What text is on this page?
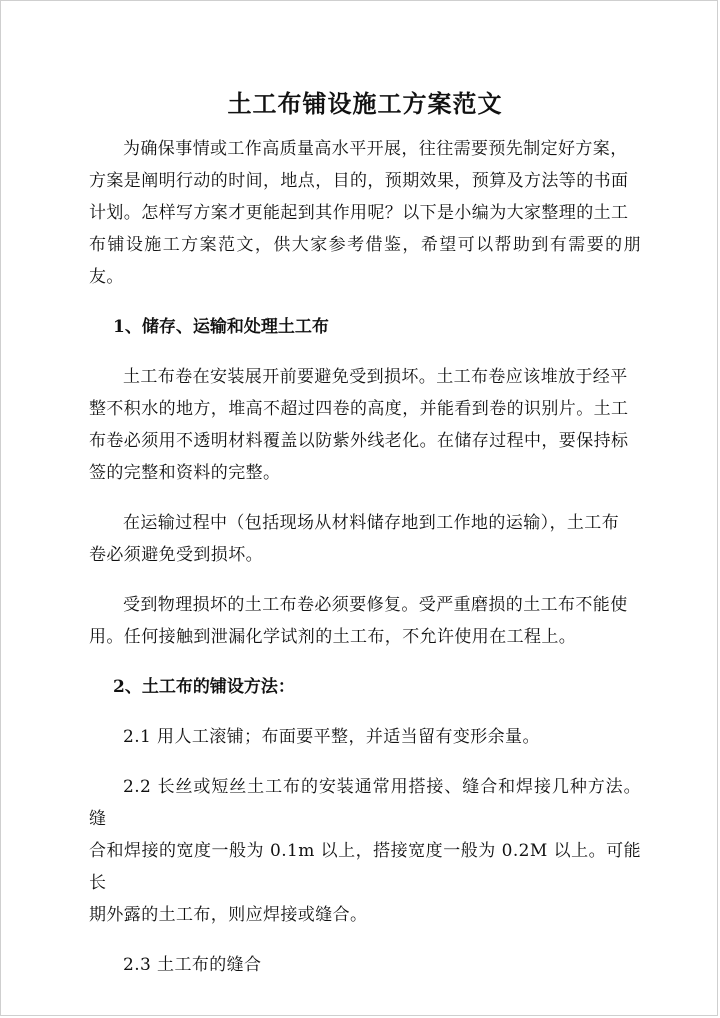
土工布铺设施工方案范文

为确保事情或工作高质量高水平开展，往往需要预先制定好方案，
方案是阐明行动的时间，地点，目的，预期效果，预算及方法等的书面
计划。怎样写方案才更能起到其作用呢？以下是小编为大家整理的土工
布铺设施工方案范文，供大家参考借鉴，希望可以帮助到有需要的朋友。

1、储存、运输和处理土工布

土工布卷在安装展开前要避免受到损坏。土工布卷应该堆放于经平
整不积水的地方，堆高不超过四卷的高度，并能看到卷的识别片。土工
布卷必须用不透明材料覆盖以防紫外线老化。在储存过程中，要保持标
签的完整和资料的完整。

在运输过程中（包括现场从材料储存地到工作地的运输），土工布
卷必须避免受到损坏。

受到物理损坏的土工布卷必须要修复。受严重磨损的土工布不能使
用。任何接触到泄漏化学试剂的土工布，不允许使用在工程上。

2、土工布的铺设方法：

2.1 用人工滚铺；布面要平整，并适当留有变形余量。

2.2 长丝或短丝土工布的安装通常用搭接、缝合和焊接几种方法。缝
合和焊接的宽度一般为 0.1m 以上，搭接宽度一般为 0.2M 以上。可能长
期外露的土工布，则应焊接或缝合。

2.3 土工布的缝合
